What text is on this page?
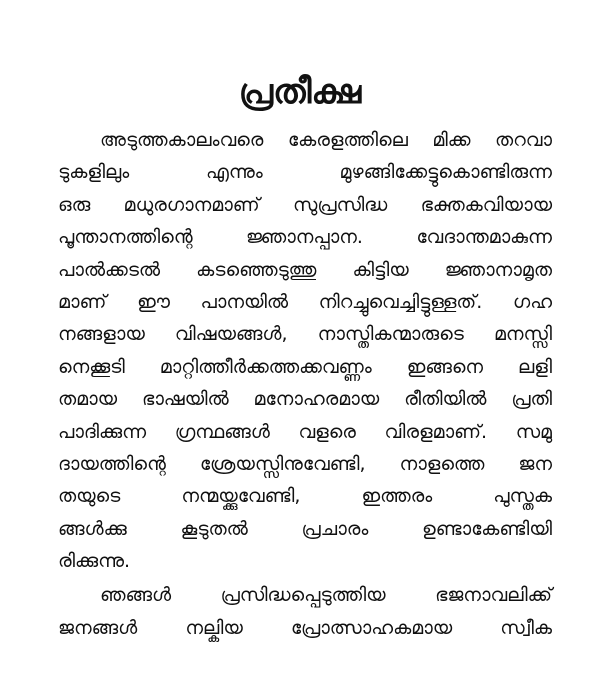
പ്രതീക്ഷ
അടുത്തകാലംവരെ കേരളത്തിലെ മിക്ക തറവാ
ടുകളിലും എന്നും മുഴങ്ങിക്കേട്ടുകൊണ്ടിരുന്ന
ഒരു മധുരഗാനമാണ് സുപ്രസിദ്ധ ഭക്തകവിയായ
പൂന്താനത്തിന്റെ ജ്ഞാനപ്പാന. വേദാന്തമാകുന്ന
പാൽക്കടൽ കടഞ്ഞെടുത്തു കിട്ടിയ ജ്ഞാനാമൃത
മാണ് ഈ പാനയിൽ നിറച്ചുവെച്ചിട്ടുള്ളത്. ഗഹ
നങ്ങളായ വിഷയങ്ങൾ, നാസ്തികന്മാരുടെ മനസ്സി
നെക്കൂടി മാറ്റിത്തീർക്കത്തക്കവണ്ണം ഇങ്ങനെ ലളി
തമായ ഭാഷയിൽ മനോഹരമായ രീതിയിൽ പ്രതി
പാദിക്കുന്ന ഗ്രന്ഥങ്ങൾ വളരെ വിരളമാണ്. സമു
ദായത്തിന്റെ ശ്രേയസ്സിനുവേണ്ടി, നാളത്തെ ജന
തയുടെ നന്മയ്ക്കുവേണ്ടി, ഇത്തരം പുസ്തക
ങ്ങൾക്കു കൂടുതൽ പ്രചാരം ഉണ്ടാകേണ്ടിയി
രിക്കുന്നു.
ഞങ്ങൾ പ്രസിദ്ധപ്പെടുത്തിയ ഭജനാവലിക്ക്
ജനങ്ങൾ നല്കിയ പ്രോത്സാഹകമായ സ്വീക
